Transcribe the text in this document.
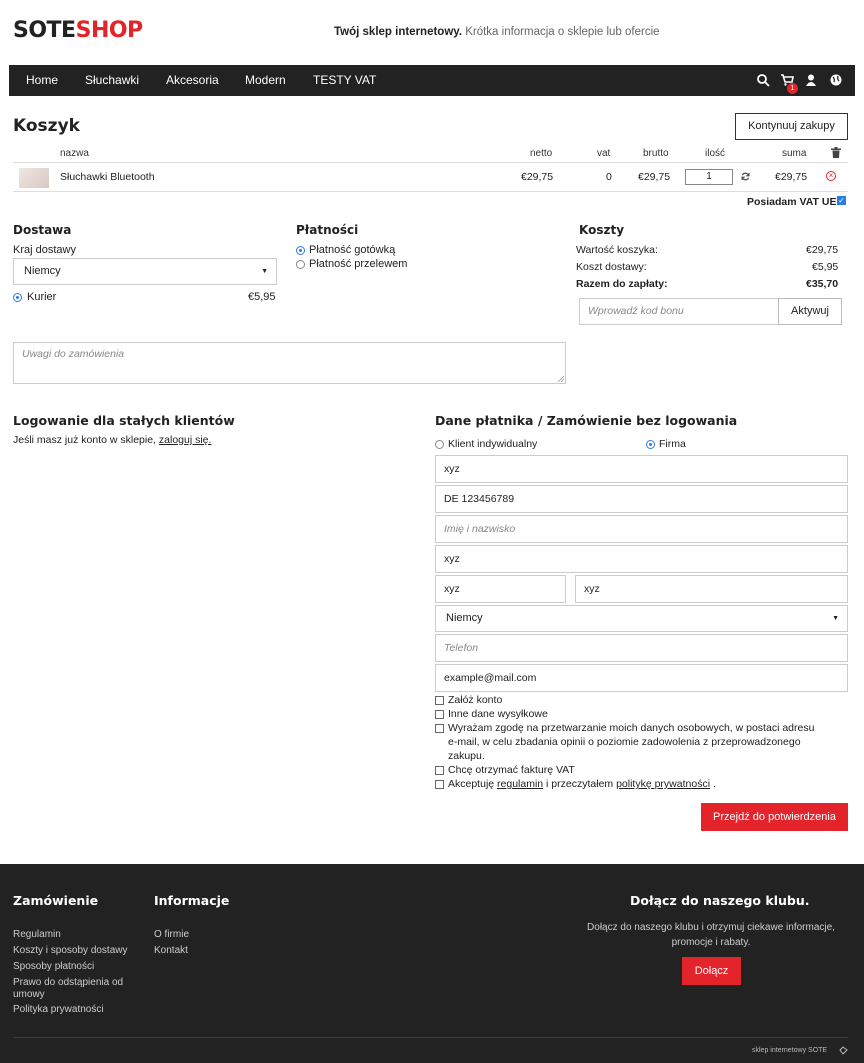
SOTESHOP	Twój sklep internetowy. Krótka informacja o sklepie lub ofercie
Home Słuchawki Akcesoria Modern TESTY VAT
1
Koszyk	Kontynuuj zakupy
nazwa	netto	vat	brutto	ilość	suma
Słuchawki Bluetooth	€29,75	0 €29,75	1	€29,75	×
Posiadam VAT UE
✓
Dostawa
Kraj dostawy
Niemcy	▼
Kurier	€5,95
Płatności
Płatność gotówką
Płatność przelewem
Koszty
Wartość koszyka:	€29,75
Koszt dostawy:	€5,95
Razem do zapłaty:	€35,70
Wprowadź kod bonu	Aktywuj
Uwagi do zamówienia
Logowanie dla stałych klientów
Jeśli masz już konto w sklepie, zaloguj się.
Dane płatnika / Zamówienie bez logowania
Klient indywidualny	Firma
xyz
DE 123456789
Imię i nazwisko
xyz
xyz	xyz
Niemcy	▼
Telefon
example@mail.com
Załóż konto
Inne dane wysyłkowe
Wyrażam zgodę na przetwarzanie moich danych osobowych, w postaci adresu
e-mail, w celu zbadania opinii o poziomie zadowolenia z przeprowadzonego
zakupu.
Chcę otrzymać fakturę VAT
Akceptuję regulamin i przeczytałem politykę prywatności .
Przejdź do potwierdzenia
Zamówienie
Regulamin
Koszty i sposoby dostawy
Sposoby płatności
Prawo do odstąpienia od
umowy
Polityka prywatności
Informacje
O firmie
Kontakt
Dołącz do naszego klubu.
Dołącz do naszego klubu i otrzymuj ciekawe informacje,
promocje i rabaty.
Dołącz
sklep internetowy SOTE
